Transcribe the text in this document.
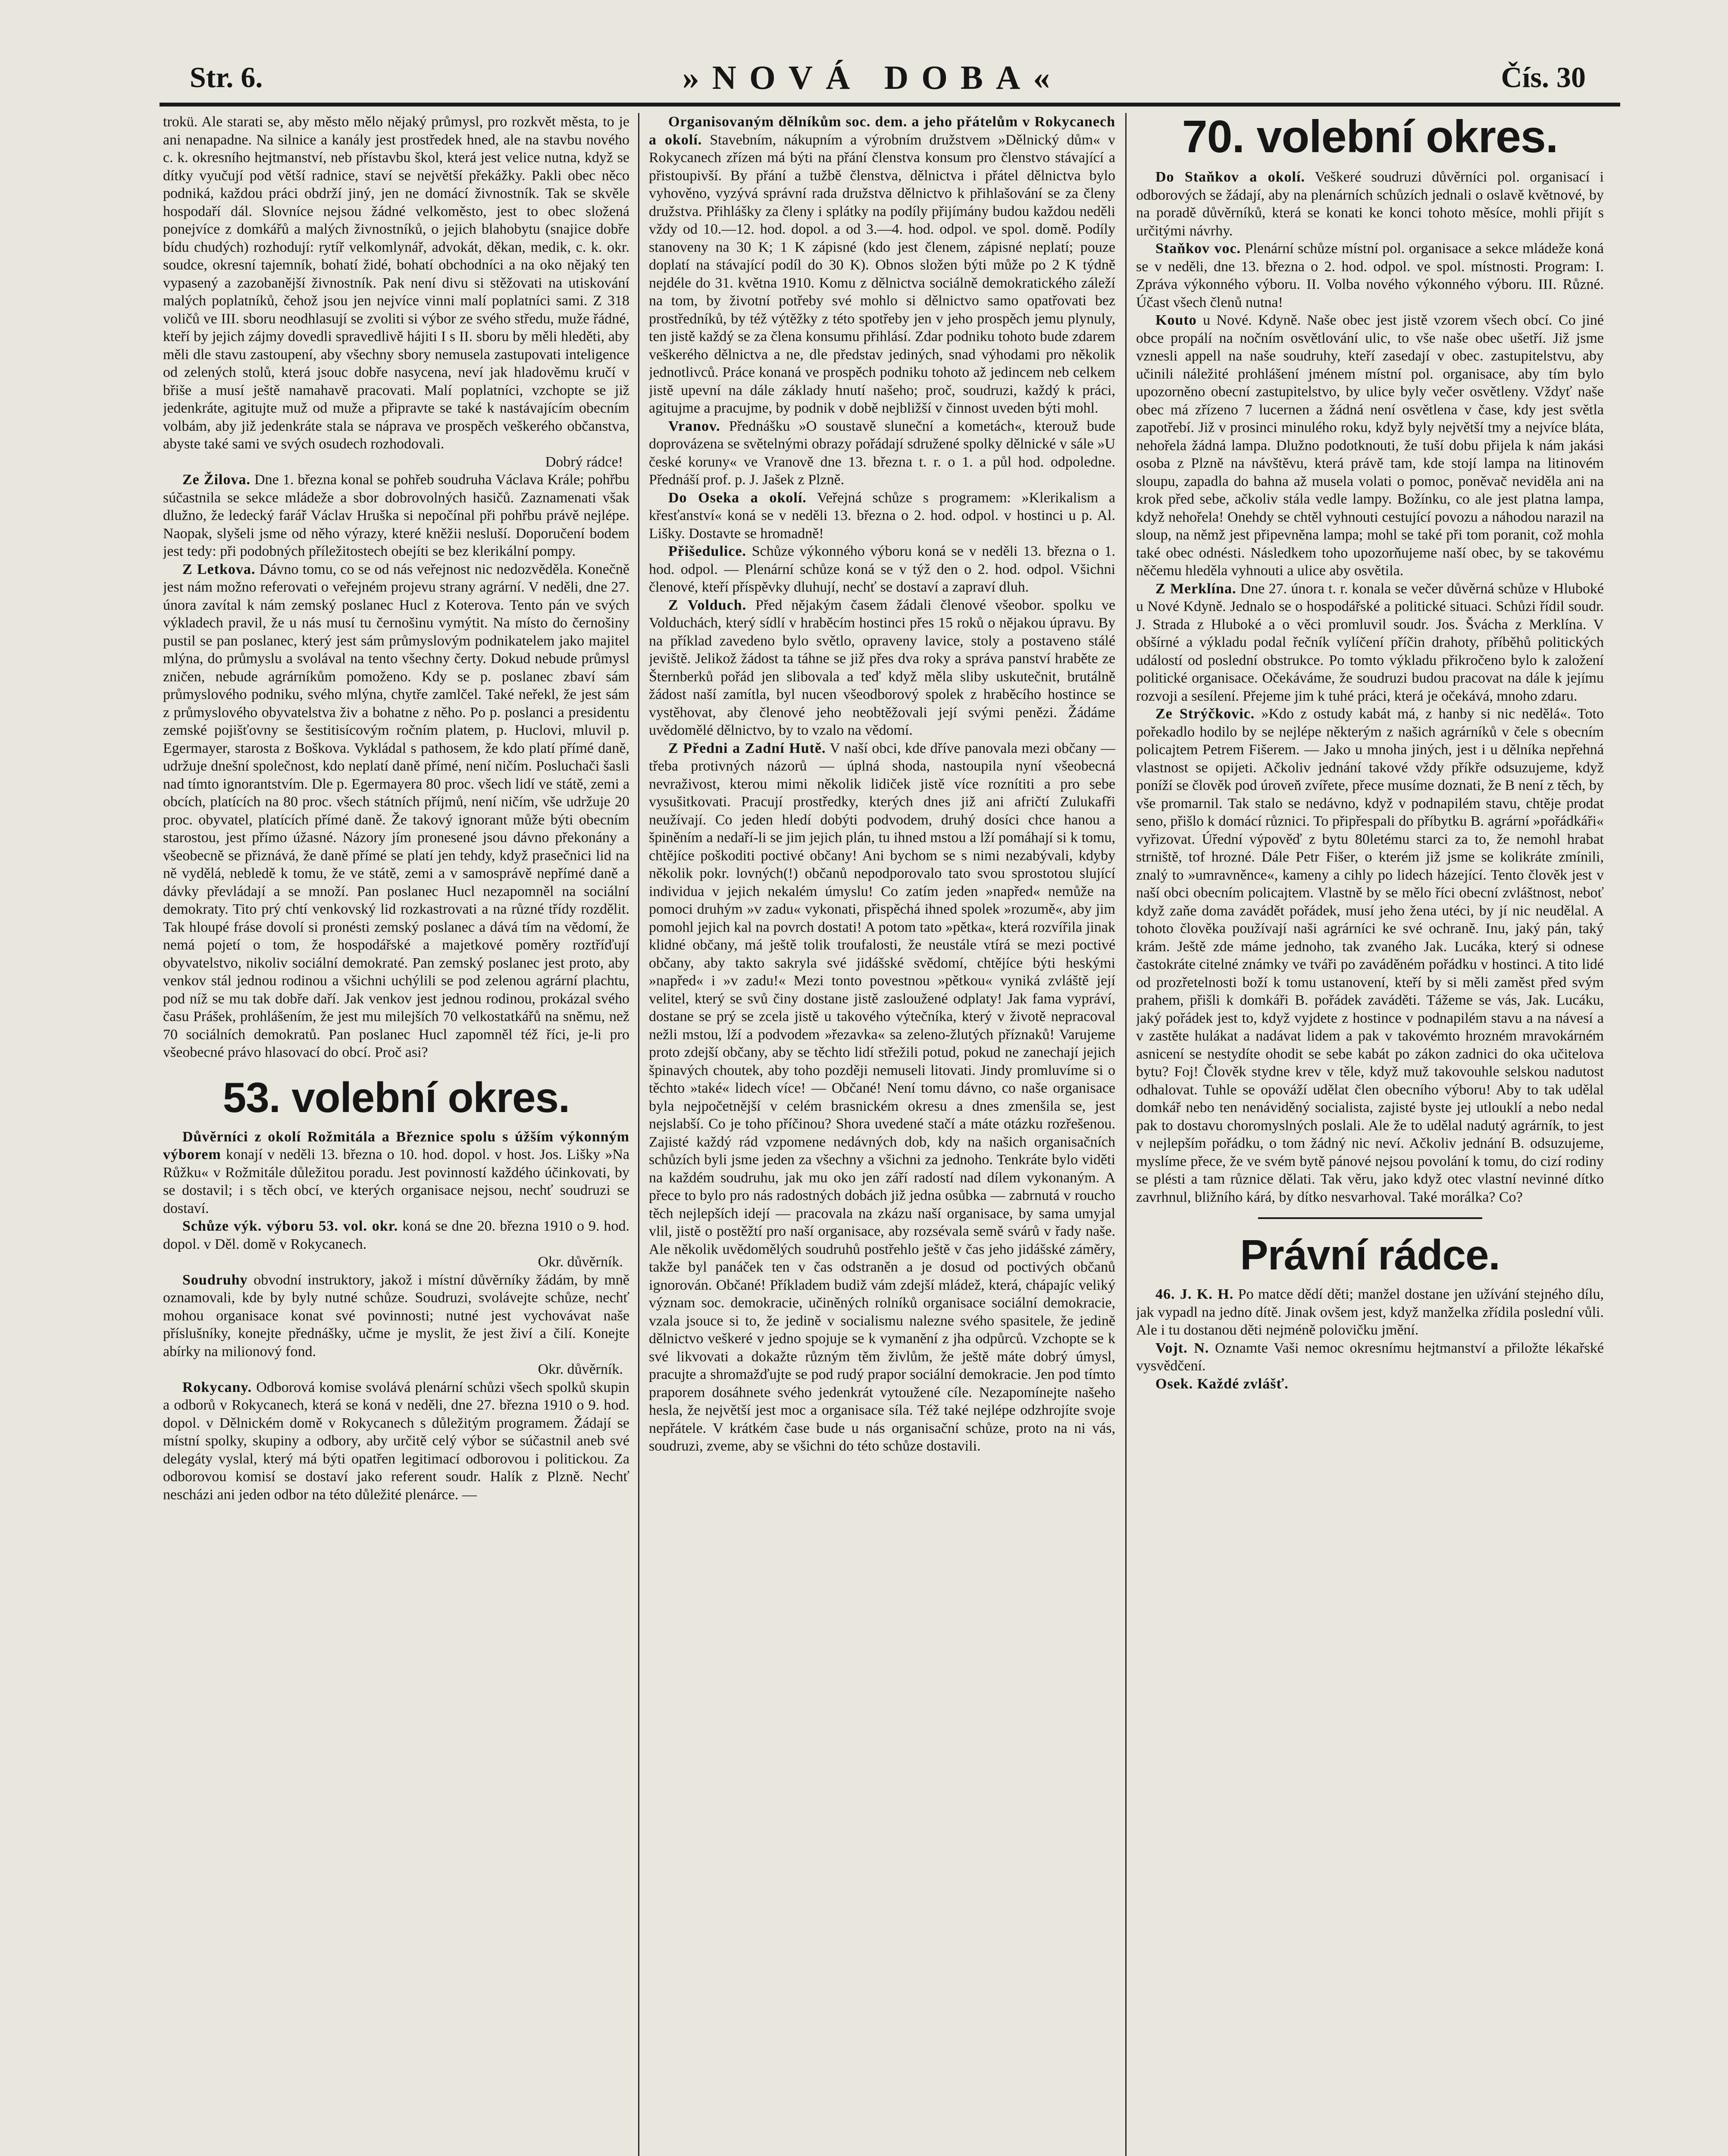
Str. 6.	»NOVÁ DOBA«	Čís. 30

trokü. Ale starati se, aby město mělo nějaký průmysl, pro rozkvět města, to je ani nenapadne. Na silnice a kanály jest prostředek hned, ale na stavbu nového c. k. okresního hejtmanství, neb přístavbu škol, která jest velice nutna, když se dítky vyučují pod větší radnice, staví se největší překážky. Pakli obec něco podniká, každou práci obdrží jiný, jen ne domácí živnostník. Tak se skvěle hospodaří dál. Slovníce nejsou žádné velkoměsto, jest to obec složená ponejvíce z domkářů a malých živnostníků, o jejich blahobytu (snajice dobře bídu chudých) rozhodují: rytíř velkomlynář, advokát, děkan, medik, c. k. okr. soudce, okresní tajemník, bohatí židé, bohatí obchodníci a na oko nějaký ten vypasený a zazobanější živnostník. Pak není divu si stěžovati na utiskování malých poplatníků, čehož jsou jen nejvíce vinni malí poplatníci sami. Z 318 voličů ve III. sboru neodhlasují se zvoliti si výbor ze svého středu, muže řádné, kteří by jejich zájmy dovedli spravedlivě hájiti I s II. sboru by měli hleděti, aby měli dle stavu zastoupení, aby všechny sbory nemusela zastupovati inteligence od zelených stolů, která jsouc dobře nasycena, neví jak hladověmu kručí v břiše a musí ještě namahavě pracovati. Malí poplatníci, vzchopte se již jedenkráte, agitujte muž od muže a připravte se také k nastávajícím obecním volbám, aby již jedenkráte stala se náprava ve prospěch veškerého občanstva, abyste také sami ve svých osudech rozhodovali.
Dobrý rádce!

Ze Žilova. Dne 1. března konal se pohřeb soudruha Václava Krále; pohřbu súčastnila se sekce mládeže a sbor dobrovolných hasičů. Zaznamenati však dlužno, že ledecký farář Václav Hruška si nepočínal při pohřbu právě nejlépe. Naopak, slyšeli jsme od něho výrazy, které kněžii nesluší. Doporučení bodem jest tedy: při podobných příležitostech obejíti se bez klerikální pompy.

Z Letkova. Dávno tomu, co se od nás veřejnost nic nedozvěděla. Konečně jest nám možno referovati o veřejném projevu strany agrární. V neděli, dne 27. února zavítal k nám zemský poslanec Hucl z Koterova. Tento pán ve svých výkladech pravil, že u nás musí tu černošinu vymýtit. Na místo do černošiny pustil se pan poslanec, který jest sám průmyslovým podnikatelem jako majitel mlýna, do průmyslu a svolával na tento všechny čerty. Dokud nebude průmysl zničen, nebude agrárníkům pomoženo. Kdy se p. poslanec zbaví sám průmyslového podniku, svého mlýna, chytře zamlčel. Také neřekl, že jest sám z průmyslového obyvatelstva živ a bohatne z něho. Po p. poslanci a presidentu zemské pojišťovny se šestitisícovým ročním platem, p. Huclovi, mluvil p. Egermayer, starosta z Boškova. Vykládal s pathosem, že kdo platí přímé daně, udržuje dnešní společnost, kdo neplatí daně přímé, není ničím. Posluchači šasli nad tímto ignorantstvím. Dle p. Egermayera 80 proc. všech lidí ve státě, zemi a obcích, platících na 80 proc. všech státních příjmů, není ničím, vše udržuje 20 proc. obyvatel, platících přímé daně. Že takový ignorant může býti obecním starostou, jest přímo úžasné. Názory jím pronesené jsou dávno překonány a všeobecně se přiznává, že daně přímé se platí jen tehdy, když prasečnici lid na ně vydělá, nebledě k tomu, že ve státě, zemi a v samosprávě nepřímé daně a dávky převládají a se množí. Pan poslanec Hucl nezapomněl na sociální demokraty. Tito prý chtí venkovský lid rozkastrovati a na různé třídy rozdělit. Tak hloupé fráse dovolí si pronésti zemský poslanec a dává tím na vědomí, že nemá pojetí o tom, že hospodářské a majetkové poměry roztříďují obyvatelstvo, nikoliv sociální demokraté. Pan zemský poslanec jest proto, aby venkov stál jednou rodinou a všichni uchýlili se pod zelenou agrární plachtu, pod níž se mu tak dobře daří. Jak venkov jest jednou rodinou, prokázal svého času Prášek, prohlášením, že jest mu milejších 70 velkostatkářů na sněmu, než 70 sociálních demokratů. Pan poslanec Hucl zapomněl též říci, je-li pro všeobecné právo hlasovací do obcí. Proč asi?

53. volební okres.

Důvěrníci z okolí Rožmitála a Březnice spolu s úžším výkonným výborem konají v neděli 13. března o 10. hod. dopol. v host. Jos. Lišky »Na Růžku« v Rožmitále důležitou poradu. Jest povinností každého účinkovati, by se dostavil; i s těch obcí, ve kterých organisace nejsou, nechť soudruzi se dostaví.

Schůze výk. výboru 53. vol. okr. koná se dne 20. března 1910 o 9. hod. dopol. v Děl. domě v Rokycanech.
Okr. důvěrník.

Soudruhy obvodní instruktory, jakož i místní důvěrníky žádám, by mně oznamovali, kde by byly nutné schůze. Soudruzi, svolávejte schůze, nechť mohou organisace konat své povinnosti; nutné jest vychovávat naše příslušníky, konejte přednášky, učme je myslit, že jest živí a čilí. Konejte abírky na milionový fond.
Okr. důvěrník.

Rokycany. Odborová komise svolává plenární schůzi všech spolků skupin a odborů v Rokycanech, která se koná v neděli, dne 27. března 1910 o 9. hod. dopol. v Dělnickém domě v Rokycanech s důležitým programem. Žádají se místní spolky, skupiny a odbory, aby určitě celý výbor se súčastnil aneb své delegáty vyslal, který má býti opatřen legitimací odborovou i politickou. Za odborovou komisí se dostaví jako referent soudr. Halík z Plzně. Nechť nescházi ani jeden odbor na této důležité plenárce. —

Organisovaným dělníkům soc. dem. a jeho přátelům v Rokycanech a okolí. Stavebním, nákupním a výrobním družstvem »Dělnický dům« v Rokycanech zřízen má býti na přání členstva konsum pro členstvo stávající a přistoupivší. By přání a tužbě členstva, dělnictva i přátel dělnictva bylo vyhověno, vyzývá správní rada družstva dělnictvo k přihlašování se za členy družstva. Přihlášky za členy i splátky na podíly přijímány budou každou neděli vždy od 10.—12. hod. dopol. a od 3.—4. hod. odpol. ve spol. domě. Podíly stanoveny na 30 K; 1 K zápisné (kdo jest členem, zápisné neplatí; pouze doplatí na stávající podíl do 30 K). Obnos složen býti může po 2 K týdně nejdéle do 31. května 1910. Komu z dělnictva sociálně demokratického záleží na tom, by životní potřeby své mohlo si dělnictvo samo opatřovati bez prostředníků, by též výtěžky z této spotřeby jen v jeho prospěch jemu plynuly, ten jistě každý se za člena konsumu přihlásí. Zdar podniku tohoto bude zdarem veškerého dělnictva a ne, dle představ jediných, snad výhodami pro několik jednotlivců. Práce konaná ve prospěch podniku tohoto až jedincem neb celkem jistě upevní na dále základy hnutí našeho; proč, soudruzi, každý k práci, agitujme a pracujme, by podnik v době nejbližší v činnost uveden býti mohl.

Vranov. Přednášku »O soustavě sluneční a kometách«, kterouž bude doprovázena se světelnými obrazy pořádají sdružené spolky dělnické v sále »U české koruny« ve Vranově dne 13. března t. r. o 1. a půl hod. odpoledne. Přednáší prof. p. J. Jašek z Plzně.

Do Oseka a okolí. Veřejná schůze s programem: »Klerikalism a křesťanství« koná se v neděli 13. března o 2. hod. odpol. v hostinci u p. Al. Lišky. Dostavte se hromadně!

Přišedulice. Schůze výkonného výboru koná se v neděli 13. března o 1. hod. odpol. — Plenární schůze koná se v týž den o 2. hod. odpol. Všichni členové, kteří příspěvky dluhují, nechť se dostaví a zapraví dluh.

Z Volduch. Před nějakým časem žádali členové všeobor. spolku ve Volduchách, který sídlí v hraběcím hostinci přes 15 roků o nějakou úpravu. By na příklad zavedeno bylo světlo, opraveny lavice, stoly a postaveno stálé jeviště. Jelikož žádost ta táhne se již přes dva roky a správa panství hraběte ze Šternberků pořád jen slibovala a teď když měla sliby uskutečnit, brutálně žádost naší zamítla, byl nucen všeodborový spolek z hraběcího hostince se vystěhovat, aby členové jeho neobtěžovali její svými penězi. Žádáme uvědomělé dělnictvo, by to vzalo na vědomí.

Z Předni a Zadní Hutě. V naší obci, kde dříve panovala mezi občany — třeba protivných názorů — úplná shoda, nastoupila nyní všeobecná nevraživost, kterou mimi několik lidiček jistě více roznítiti a pro sebe vysušitkovati. Pracují prostředky, kterých dnes již ani afričtí Zulukafři neužívají. Co jeden hledí dobýti podvodem, druhý dosíci chce hanou a špiněním a nedaří-li se jim jejich plán, tu ihned mstou a lží pomáhají si k tomu, chtějíce poškoditi poctivé občany! Ani bychom se s nimi nezabývali, kdyby několik pokr. lovných(!) občanů nepodporovalo tato svou sprostotou slující individua v jejich nekalém úmyslu! Co zatím jeden »napřed« nemůže na pomoci druhým »v zadu« vykonati, přispěchá ihned spolek »rozumě«, aby jim pomohl jejich kal na povrch dostati! A potom tato »pětka«, která rozvířila jinak klidné občany, má ještě tolik troufalosti, že neustále vtírá se mezi poctivé občany, aby takto sakryla své jidášské svědomí, chtějíce býti heskými »napřed« i »v zadu!« Mezi tonto povestnou »pětkou« vyniká zvláště její velitel, který se svů činy dostane jistě zasloužené odplaty! Jak fama vypráví, dostane se prý se zcela jistě u takového výtečníka, který v životě nepracoval nežli mstou, lží a podvodem »řezavka« sa zeleno-žlutých příznaků! Varujeme proto zdejší občany, aby se těchto lidí střežili potud, pokud ne zanechají jejich špinavých choutek, aby toho později nemuseli litovati. Jindy promluvíme si o těchto »také« lidech více! — Občané! Není tomu dávno, co naše organisace byla nejpočetnější v celém brasnickém okresu a dnes zmenšila se, jest nejslabší. Co je toho příčinou? Shora uvedené stačí a máte otázku rozřešenou. Zajisté každý rád vzpomene nedávných dob, kdy na našich organisačních schůzích byli jsme jeden za všechny a všichni za jednoho. Tenkráte bylo viděti na každém soudruhu, jak mu oko jen září radostí nad dílem vykonaným. A přece to bylo pro nás radostných dobách již jedna osůbka — zabrnutá v roucho těch nejlepších idejí — pracovala na zkázu naší organisace, by sama umyjal vlil, jistě o postěžtí pro naší organisace, aby rozsévala semě svárů v řady naše. Ale několik uvědomělých soudruhů postřehlo ještě v čas jeho jidášské záměry, takže byl panáček ten v čas odstraněn a je dosud od poctivých občanů ignorován. Občané! Příkladem budiž vám zdejší mládež, která, chápajíc veliký význam soc. demokracie, učiněných rolníků organisace sociální demokracie, vzala jsouce si to, že jedině v socialismu nalezne svého spasitele, že jedině dělnictvo veškeré v jedno spojuje se k vymanění z jha odpůrců. Vzchopte se k své likvovati a dokažte různým těm živlům, že ještě máte dobrý úmysl, pracujte a shromažďujte se pod rudý prapor sociální demokracie. Jen pod tímto praporem dosáhnete svého jedenkrát vytoužené cíle. Nezapomínejte našeho hesla, že největší jest moc a organisace síla. Též také nejlépe odzhrojíte svoje nepřátele. V krátkém čase bude u nás organisační schůze, proto na ni vás, soudruzi, zveme, aby se všichni do této schůze dostavili.

70. volební okres.

Do Staňkov a okolí. Veškeré soudruzi důvěrníci pol. organisací i odborových se žádají, aby na plenárních schůzích jednali o oslavě květnové, by na poradě důvěrníků, která se konati ke konci tohoto měsíce, mohli přijít s určitými návrhy.

Staňkov voc. Plenární schůze místní pol. organisace a sekce mládeže koná se v neděli, dne 13. března o 2. hod. odpol. ve spol. místnosti. Program: I. Zpráva výkonného výboru. II. Volba nového výkonného výboru. III. Různé. Účast všech členů nutna!

Kouto u Nové. Kdyně. Naše obec jest jistě vzorem všech obcí. Co jiné obce propálí na nočním osvětlování ulic, to vše naše obec ušetří. Již jsme vznesli appell na naše soudruhy, kteří zasedají v obec. zastupitelstvu, aby učinili náležité prohlášení jménem místní pol. organisace, aby tím bylo upozorněno obecní zastupitelstvo, by ulice byly večer osvětleny. Vždyť naše obec má zřízeno 7 lucernen a žádná není osvětlena v čase, kdy jest světla zapotřebí. Již v prosinci minulého roku, když byly největší tmy a nejvíce bláta, nehořela žádná lampa. Dlužno podotknouti, že tuší dobu přijela k nám jakási osoba z Plzně na návštěvu, která právě tam, kde stojí lampa na litinovém sloupu, zapadla do bahna až musela volati o pomoc, poněvač neviděla ani na krok před sebe, ačkoliv stála vedle lampy. Božínku, co ale jest platna lampa, když nehořela! Onehdy se chtěl vyhnouti cestující povozu a náhodou narazil na sloup, na němž jest připevněna lampa; mohl se také při tom poranit, což mohla také obec odnésti. Následkem toho upozorňujeme naší obec, by se takovému něčemu hleděla vyhnouti a ulice aby osvětila.

Z Merklína. Dne 27. února t. r. konala se večer důvěrná schůze v Hluboké u Nové Kdyně. Jednalo se o hospodářské a politické situaci. Schůzi řídil soudr. J. Strada z Hluboké a o věci promluvil soudr. Jos. Švácha z Merklína. V obšírné a výkladu podal řečník vylíčení příčin drahoty, příběhů politických událostí od poslední obstrukce. Po tomto výkladu přikročeno bylo k založení politické organisace. Očekáváme, že soudruzi budou pracovat na dále k jejímu rozvoji a sesílení. Přejeme jim k tuhé práci, která je očekává, mnoho zdaru.

Ze Strýčkovic. »Kdo z ostudy kabát má, z hanby si nic nedělá«. Toto pořekadlo hodilo by se nejlépe některým z našich agrárníků v čele s obecním policajtem Petrem Fišerem. — Jako u mnoha jiných, jest i u dělníka nepřehná vlastnost se opijeti. Ačkoliv jednání takové vždy příkře odsuzujeme, když poníží se člověk pod úroveň zvířete, přece musíme doznati, že B není z těch, by vše promarnil. Tak stalo se nedávno, když v podnapilém stavu, chtěje prodat seno, přišlo k domácí různici. To připřespali do příbytku B. agrární »pořádkáři« vyřizovat. Úřední výpověď z bytu 80letému starci za to, že nemohl hrabat strniště, tof hrozné. Dále Petr Fišer, o kterém již jsme se kolikráte zmínili, znalý to »umravněnce«, kameny a cihly po lidech házející. Tento člověk jest v naší obci obecním policajtem. Vlastně by se mělo říci obecní zvláštnost, neboť když zaňe doma zavádět pořádek, musí jeho žena utéci, by jí nic neudělal. A tohoto člověka používají naši agrárníci ke své ochraně. Inu, jaký pán, taký krám. Ještě zde máme jednoho, tak zvaného Jak. Lucáka, který si odnese častokráte citelné známky ve tváři po zaváděném pořádku v hostinci. A tito lidé od prozřetelnosti boží k tomu ustanovení, kteří by si měli zaměst před svým prahem, přišli k domkáři B. pořádek zaváděti. Tážeme se vás, Jak. Lucáku, jaký pořádek jest to, když vyjdete z hostince v podnapilém stavu a na návesí a v zastěte hulákat a nadávat lidem a pak v takovémto hrozném mravokárném asnicení se nestydíte ohodit se sebe kabát po zákon zadnici do oka učitelova bytu? Foj! Člověk stydne krev v těle, když muž takovouhle selskou nadutost odhalovat. Tuhle se opováží udělat člen obecního výboru! Aby to tak udělal domkář nebo ten nenáviděný socialista, zajisté byste jej utlouklí a nebo nedal pak to dostavu choromyslných poslali. Ale že to udělal nadutý agrárník, to jest v nejlepším pořádku, o tom žádný nic neví. Ačkoliv jednání B. odsuzujeme, myslíme přece, že ve svém bytě pánové nejsou povolání k tomu, do cizí rodiny se plésti a tam různice dělati. Tak věru, jako když otec vlastní nevinné dítko zavrhnul, bližního kárá, by dítko nesvarhoval. Také morálka? Co?

Právní rádce.

46. J. K. H. Po matce dědí děti; manžel dostane jen užívání stejného dílu, jak vypadl na jedno dítě. Jinak ovšem jest, když manželka zřídila poslední vůli. Ale i tu dostanou děti nejméně polovičku jmění.

Vojt. N. Oznamte Vaši nemoc okresnímu hejtmanství a přiložte lékařské vysvědčení.

Osek. Každé zvlášť.
